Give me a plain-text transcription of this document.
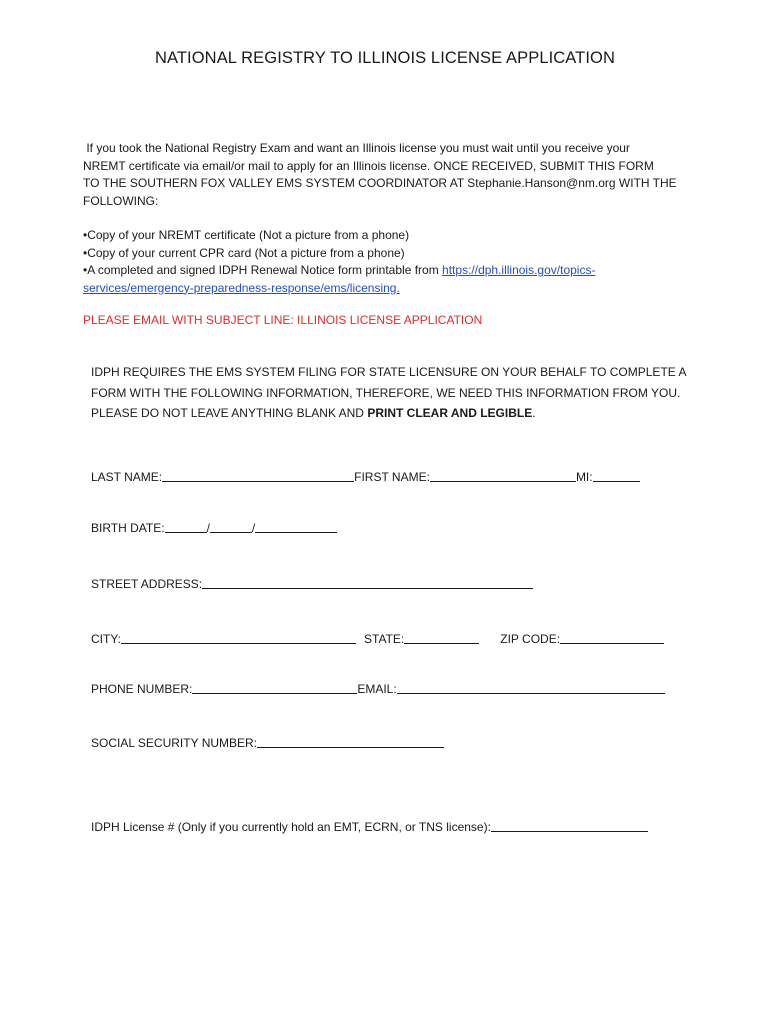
NATIONAL REGISTRY TO ILLINOIS LICENSE APPLICATION

If you took the National Registry Exam and want an Illinois license you must wait until you receive your

NREMT certificate via email/or mail to apply for an Illinois license. ONCE RECEIVED, SUBMIT THIS FORM

TO THE SOUTHERN FOX VALLEY EMS SYSTEM COORDINATOR AT Stephanie.Hanson@nm.org WITH THE

FOLLOWING:

•Copy of your NREMT certificate (Not a picture from a phone)
•Copy of your current CPR card (Not a picture from a phone)
•A completed and signed IDPH Renewal Notice form printable from https://dph.illinois.gov/topics-
services/emergency-preparedness-response/ems/licensing.
PLEASE EMAIL WITH SUBJECT LINE: ILLINOIS LICENSE APPLICATION
IDPH REQUIRES THE EMS SYSTEM FILING FOR STATE LICENSURE ON YOUR BEHALF TO COMPLETE A
FORM WITH THE FOLLOWING INFORMATION, THEREFORE, WE NEED THIS INFORMATION FROM YOU.
PLEASE DO NOT LEAVE ANYTHING BLANK AND PRINT CLEAR AND LEGIBLE.
LAST NAME:	FIRST NAME:	MI:
BIRTH DATE:	/	/
STREET ADDRESS:
CITY:	STATE:	ZIP CODE:
PHONE NUMBER:	EMAIL:
SOCIAL SECURITY NUMBER:
IDPH License # (Only if you currently hold an EMT, ECRN, or TNS license):
